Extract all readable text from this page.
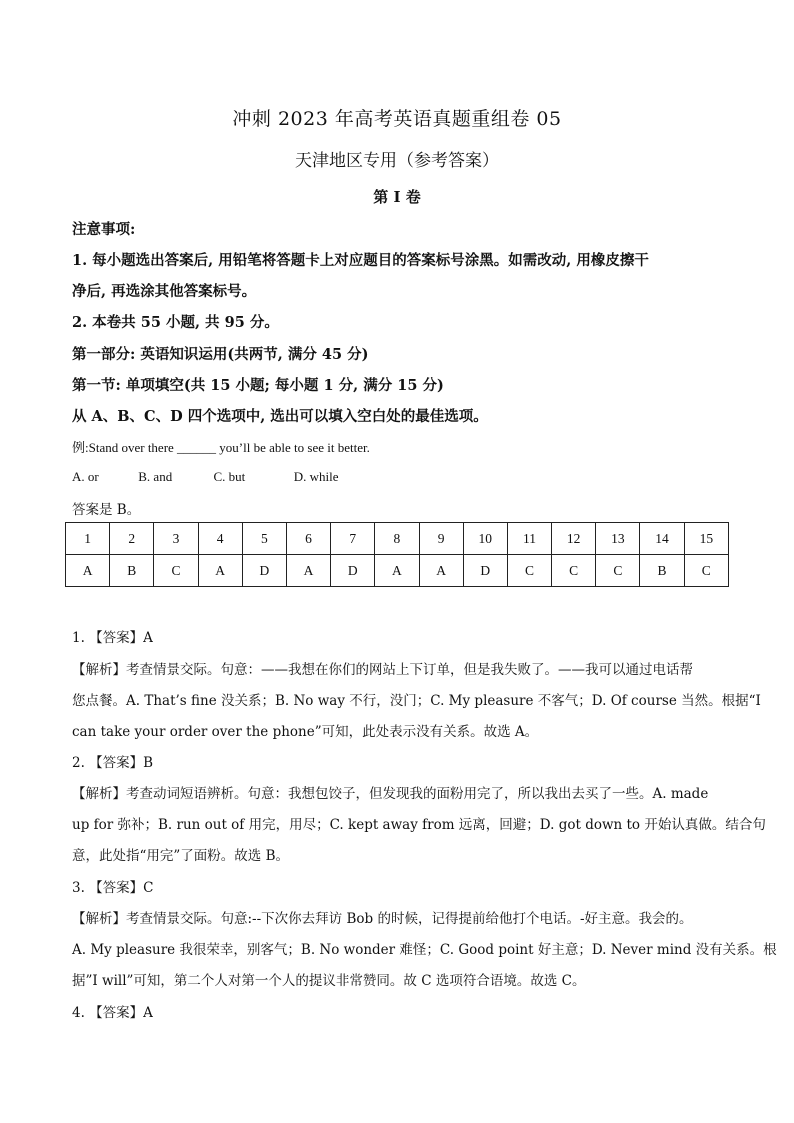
冲刺 2023 年高考英语真题重组卷 05
天津地区专用（参考答案）
第 I 卷
注意事项:
1. 每小题选出答案后, 用铅笔将答题卡上对应题目的答案标号涂黑。如需改动, 用橡皮擦干
净后, 再选涂其他答案标号。
2. 本卷共 55 小题, 共 95 分。
第一部分: 英语知识运用(共两节, 满分 45 分)
第一节: 单项填空(共 15 小题; 每小题 1 分, 满分 15 分)
从 A、B、C、D 四个选项中, 选出可以填入空白处的最佳选项。
例:Stand over there ______ you’ll be able to see it better.
A. or	B. and	C. but	D. while
答案是 B。
1	2	3	4	5	6	7	8	9	10	11	12	13	14	15
A	B	C	A	D	A	D	A	A	D	C	C	C	B	C
1. 【答案】A
【解析】考查情景交际。句意：——我想在你们的网站上下订单，但是我失败了。——我可以通过电话帮
您点餐。A. That’s fine 没关系；B. No way 不行，没门；C. My pleasure 不客气；D. Of course 当然。根据“I
can take your order over the phone”可知，此处表示没有关系。故选 A。
2. 【答案】B
【解析】考查动词短语辨析。句意：我想包饺子，但发现我的面粉用完了，所以我出去买了一些。A. made
up for 弥补；B. run out of 用完，用尽；C. kept away from 远离，回避；D. got down to 开始认真做。结合句
意，此处指“用完”了面粉。故选 B。
3. 【答案】C
【解析】考查情景交际。句意:--下次你去拜访 Bob 的时候，记得提前给他打个电话。-好主意。我会的。
A. My pleasure 我很荣幸，别客气；B. No wonder 难怪；C. Good point 好主意；D. Never mind 没有关系。根
据”I will”可知，第二个人对第一个人的提议非常赞同。故 C 选项符合语境。故选 C。
4. 【答案】A
